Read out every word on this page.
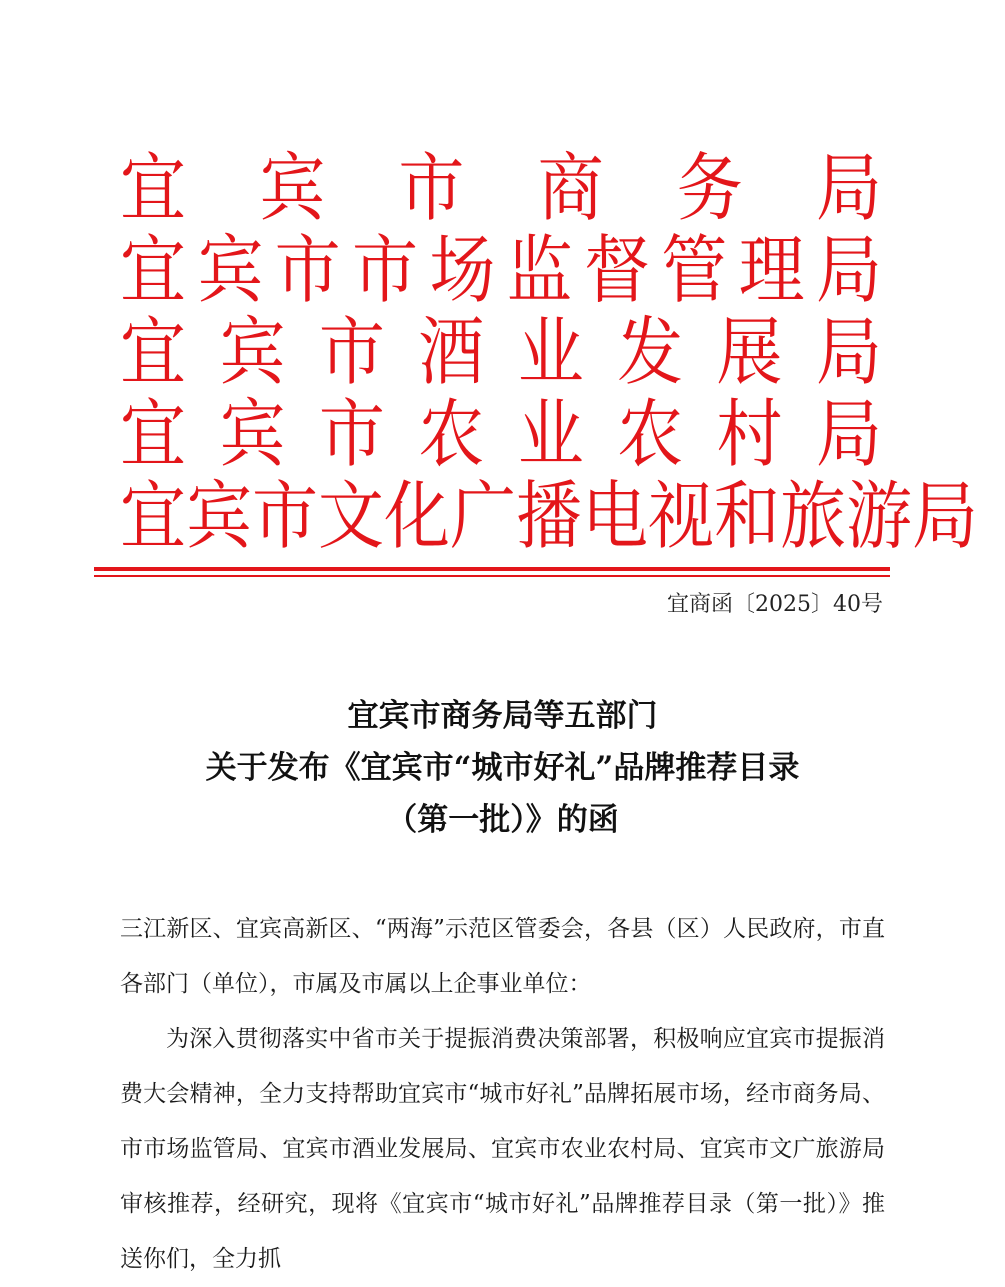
宜 宾 市 商 务 局
宜 宾 市 市 场 监 督 管 理 局
宜 宾 市 酒 业 发 展 局
宜 宾 市 农 业 农 村 局
宜 宾 市 文 化 广 播 电 视 和 旅 游 局
宜商函〔2025〕40号
宜宾市商务局等五部门
关于发布《宜宾市“城市好礼”品牌推荐目录
（第一批）》的函

三江新区、宜宾高新区、“两海”示范区管委会，各县（区）人民政府，市直各部门（单位），市属及市属以上企事业单位：

为深入贯彻落实中省市关于提振消费决策部署，积极响应宜宾市提振消费大会精神，全力支持帮助宜宾市“城市好礼”品牌拓展市场，经市商务局、市市场监管局、宜宾市酒业发展局、宜宾市农业农村局、宜宾市文广旅游局审核推荐，经研究，现将《宜宾市“城市好礼”品牌推荐目录（第一批）》推送你们，全力抓
